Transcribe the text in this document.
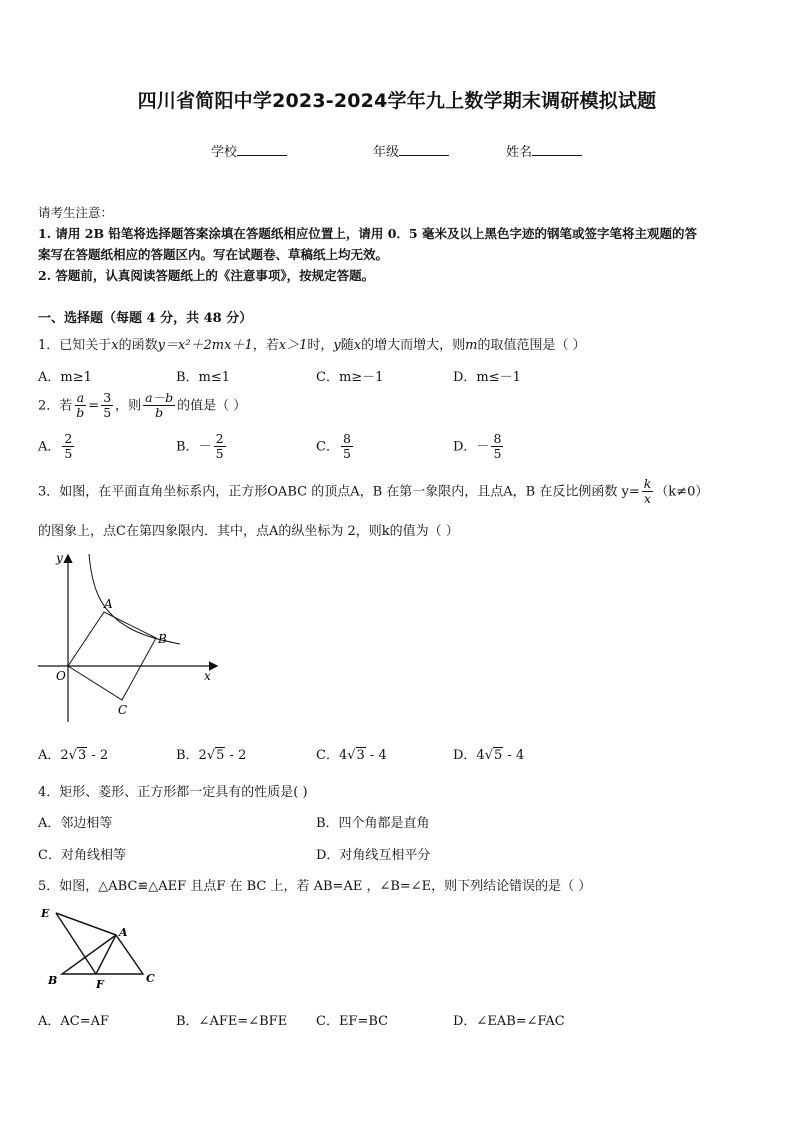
四川省简阳中学2023-2024学年九上数学期末调研模拟试题
学校	年级	姓名
请考生注意：
1. 请用 2B 铅笔将选择题答案涂填在答题纸相应位置上，请用 0．5 毫米及以上黑色字迹的钢笔或签字笔将主观题的答
案写在答题纸相应的答题区内。写在试题卷、草稿纸上均无效。
2. 答题前，认真阅读答题纸上的《注意事项》，按规定答题。
一、选择题（每题 4 分，共 48 分）
1．已知关于x的函数y＝x²＋2mx＋1，若x＞1时，y随x的增大而增大，则m的取值范围是（ ）
A．m≥1	B．m≤1	C．m≥－1	D．m≤－1
2．若 $\frac{a}{b} = \frac{3}{5}$ ，则 $\frac{a-b}{b}$ 的值是（ ）
A． $\frac{2}{5}$	B．－ $\frac{2}{5}$	C． $\frac{8}{5}$	D．－ $\frac{8}{5}$
3．如图，在平面直角坐标系内，正方形OABC 的顶点A，B 在第一象限内，且点A，B 在反比例函数 $y= \frac{k}{x} (k\ne 0)$
的图象上，点C在第四象限内．其中，点A的纵坐标为 2，则k的值为（ ）
y
x
O
A
B
C
A．2√3 - 2	B．2√5 - 2	C．4√3 - 4	D．4√5 - 4
4．矩形、菱形、正方形都一定具有的性质是( )
A．邻边相等	B．四个角都是直角
C．对角线相等	D．对角线互相平分
5．如图，△ABC≌△AEF 且点F 在 BC 上，若 AB=AE ，∠B=∠E，则下列结论错误的是（ ）
E
A
B	F	C
A．AC=AF	B．∠AFE=∠BFE C．EF=BC	D．∠EAB=∠FAC
